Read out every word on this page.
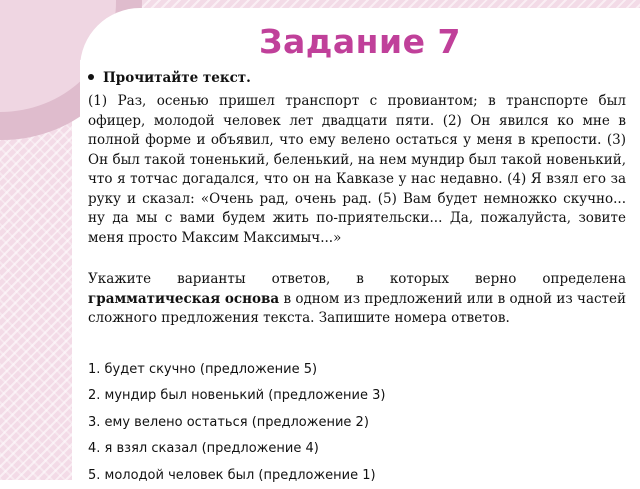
Задание 7
Прочитайте текст.

(1) Раз, осенью пришел транспорт с провиантом; в транспорте был офицер, молодой человек лет двадцати пяти. (2) Он явился ко мне в полной форме и объявил, что ему велено остаться у меня в крепости. (3) Он был такой тоненький, беленький, на нем мундир был такой новенький, что я тотчас догадался, что он на Кавказе у нас недавно. (4) Я взял его за руку и сказал: «Очень рад, очень рад. (5) Вам будет немножко скучно... ну да мы с вами будем жить по-приятельски... Да, пожалуйста, зовите меня просто Максим Максимыч...»

Укажите варианты ответов, в которых верно определена грамматическая основа в одном из предложений или в одной из частей сложного предложения текста. Запишите номера ответов.

1. будет скучно (предложение 5)
2. мундир был новенький (предложение 3)
3. ему велено остаться (предложение 2)
4. я взял сказал (предложение 4)
5. молодой человек был (предложение 1)
